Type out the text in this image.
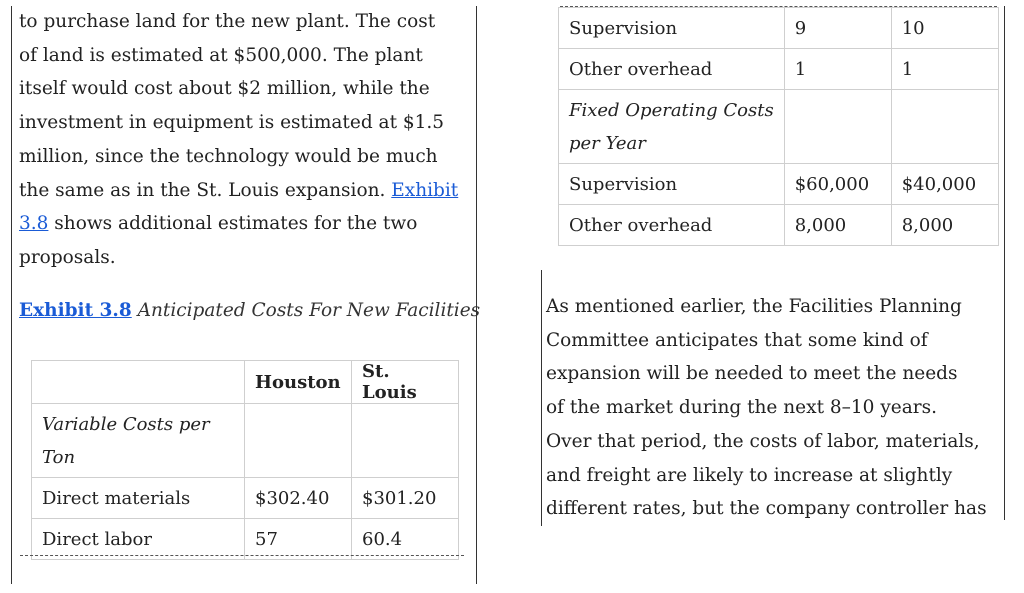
to purchase land for the new plant. The cost
of land is estimated at $500,000. The plant
itself would cost about $2 million, while the
investment in equipment is estimated at $1.5
million, since the technology would be much
the same as in the St. Louis expansion. Exhibit
3.8 shows additional estimates for the two
proposals.
Exhibit 3.8 Anticipated Costs For New Facilities
	Houston	St. Louis

Variable Costs per
Ton		

Direct materials	$302.40	$301.20
Direct labor	57	60.4
Supervision	9	10
Other overhead	1	1

Fixed Operating Costs
per Year		

Supervision	$60,000	$40,000
Other overhead	8,000	8,000
As mentioned earlier, the Facilities Planning
Committee anticipates that some kind of
expansion will be needed to meet the needs
of the market during the next 8–10 years.
Over that period, the costs of labor, materials,
and freight are likely to increase at slightly
different rates, but the company controller has
